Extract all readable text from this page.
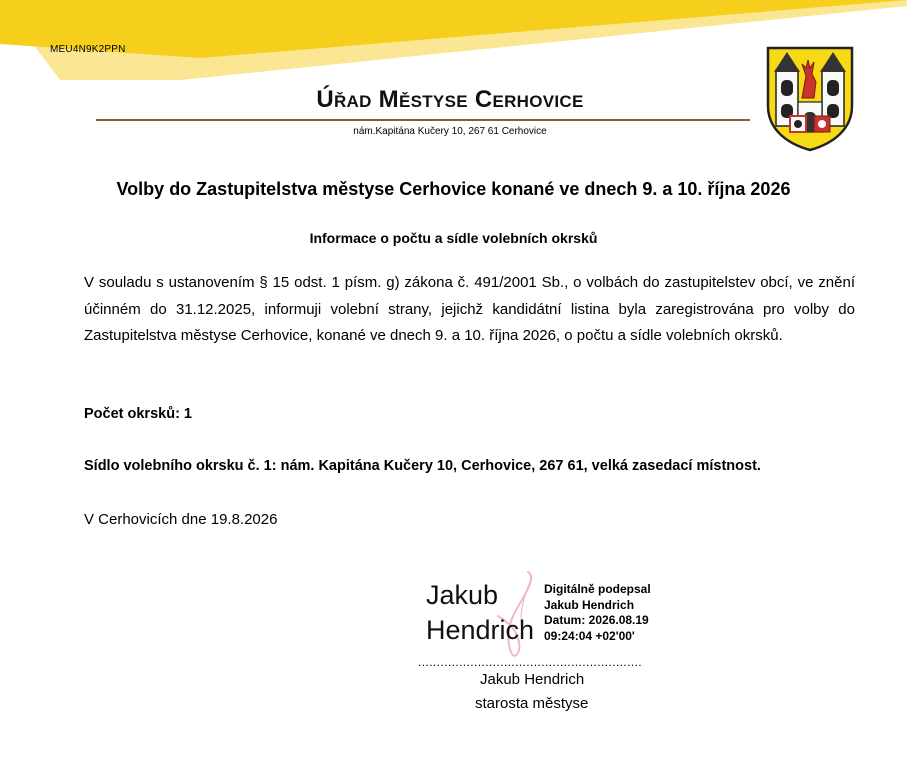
MEU4N9K2PPN
Úřad Městyse Cerhovice
nám.Kapitána Kučery 10, 267 61 Cerhovice
Volby do Zastupitelstva městyse Cerhovice konané ve dnech 9. a 10. října 2026
Informace o počtu a sídle volebních okrsků

V souladu s ustanovením § 15 odst. 1 písm. g) zákona č. 491/2001 Sb., o volbách do zastupitelstev obcí, ve znění účinném do 31.12.2025, informuji volební strany, jejichž kandidátní listina byla zaregistrována pro volby do Zastupitelstva městyse Cerhovice, konané ve dnech 9. a 10. října 2026, o počtu a sídle volebních okrsků.

Počet okrsků: 1
Sídlo volebního okrsku č. 1: nám. Kapitána Kučery 10, Cerhovice, 267 61, velká zasedací místnost.
V Cerhovicích dne 19.8.2026
Jakub
Hendrich
Digitálně podepsal
Jakub Hendrich
Datum: 2026.08.19
09:24:04 +02'00'
............................................................
Jakub Hendrich
starosta městyse
